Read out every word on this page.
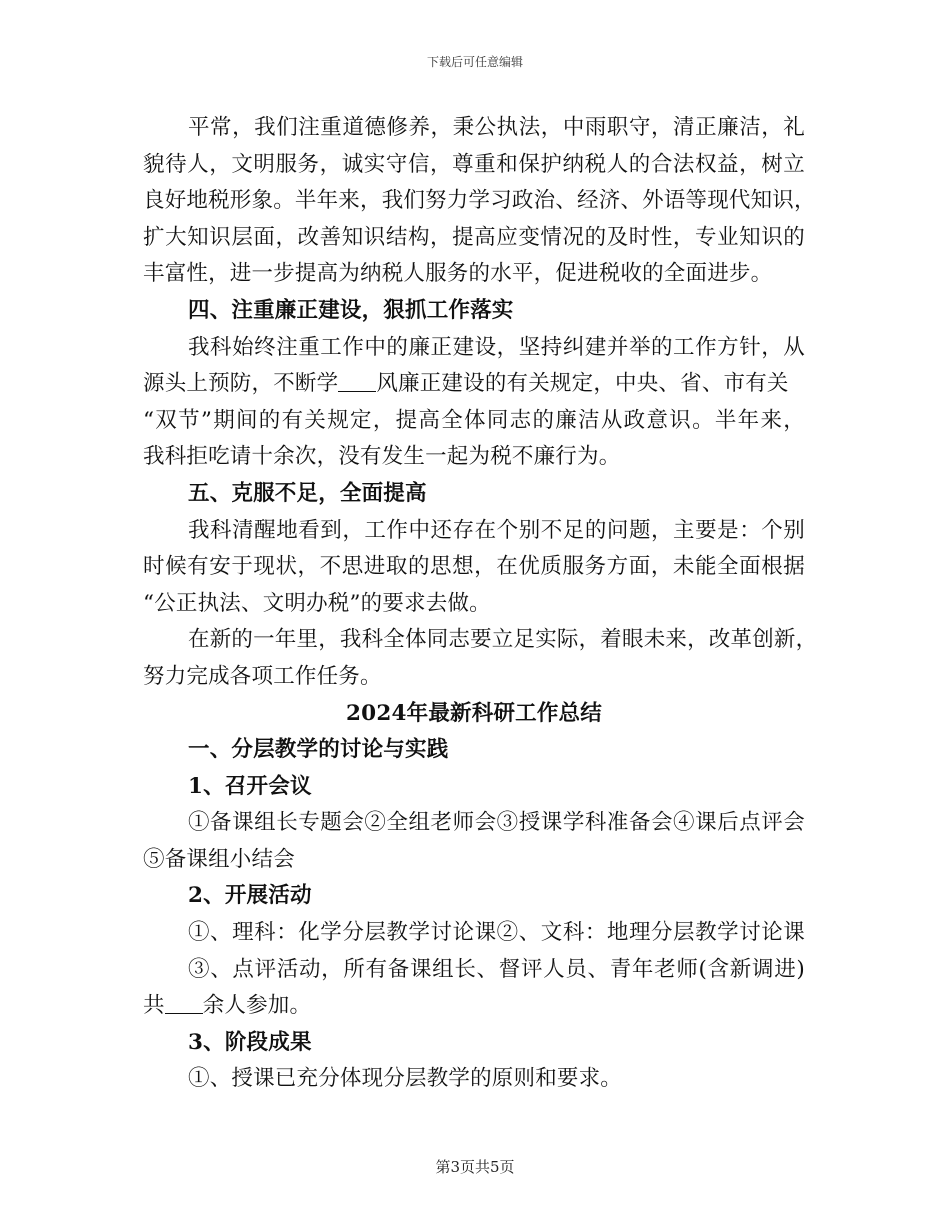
下载后可任意编辑
平常，我们注重道德修养，秉公执法，中雨职守，清正廉洁，礼
貌待人，文明服务，诚实守信，尊重和保护纳税人的合法权益，树立
良好地税形象。半年来，我们努力学习政治、经济、外语等现代知识，
扩大知识层面，改善知识结构，提高应变情况的及时性，专业知识的
丰富性，进一步提高为纳税人服务的水平，促进税收的全面进步。
四、注重廉正建设，狠抓工作落实
我科始终注重工作中的廉正建设，坚持纠建并举的工作方针，从
源头上预防，不断学 风廉正建设的有关规定，中央、省、市有关
“双节”期间的有关规定，提高全体同志的廉洁从政意识。半年来，
我科拒吃请十余次，没有发生一起为税不廉行为。
五、克服不足，全面提高
我科清醒地看到，工作中还存在个别不足的问题，主要是：个别
时候有安于现状，不思进取的思想，在优质服务方面，未能全面根据
“公正执法、文明办税”的要求去做。
在新的一年里，我科全体同志要立足实际，着眼未来，改革创新，
努力完成各项工作任务。
2024年最新科研工作总结
一、分层教学的讨论与实践
1、召开会议
①备课组长专题会②全组老师会③授课学科准备会④课后点评会
⑤备课组小结会
2、开展活动
①、理科：化学分层教学讨论课②、文科：地理分层教学讨论课
③、点评活动，所有备课组长、督评人员、青年老师(含新调进)
共 余人参加。
3、阶段成果
①、授课已充分体现分层教学的原则和要求。
第3页共5页
